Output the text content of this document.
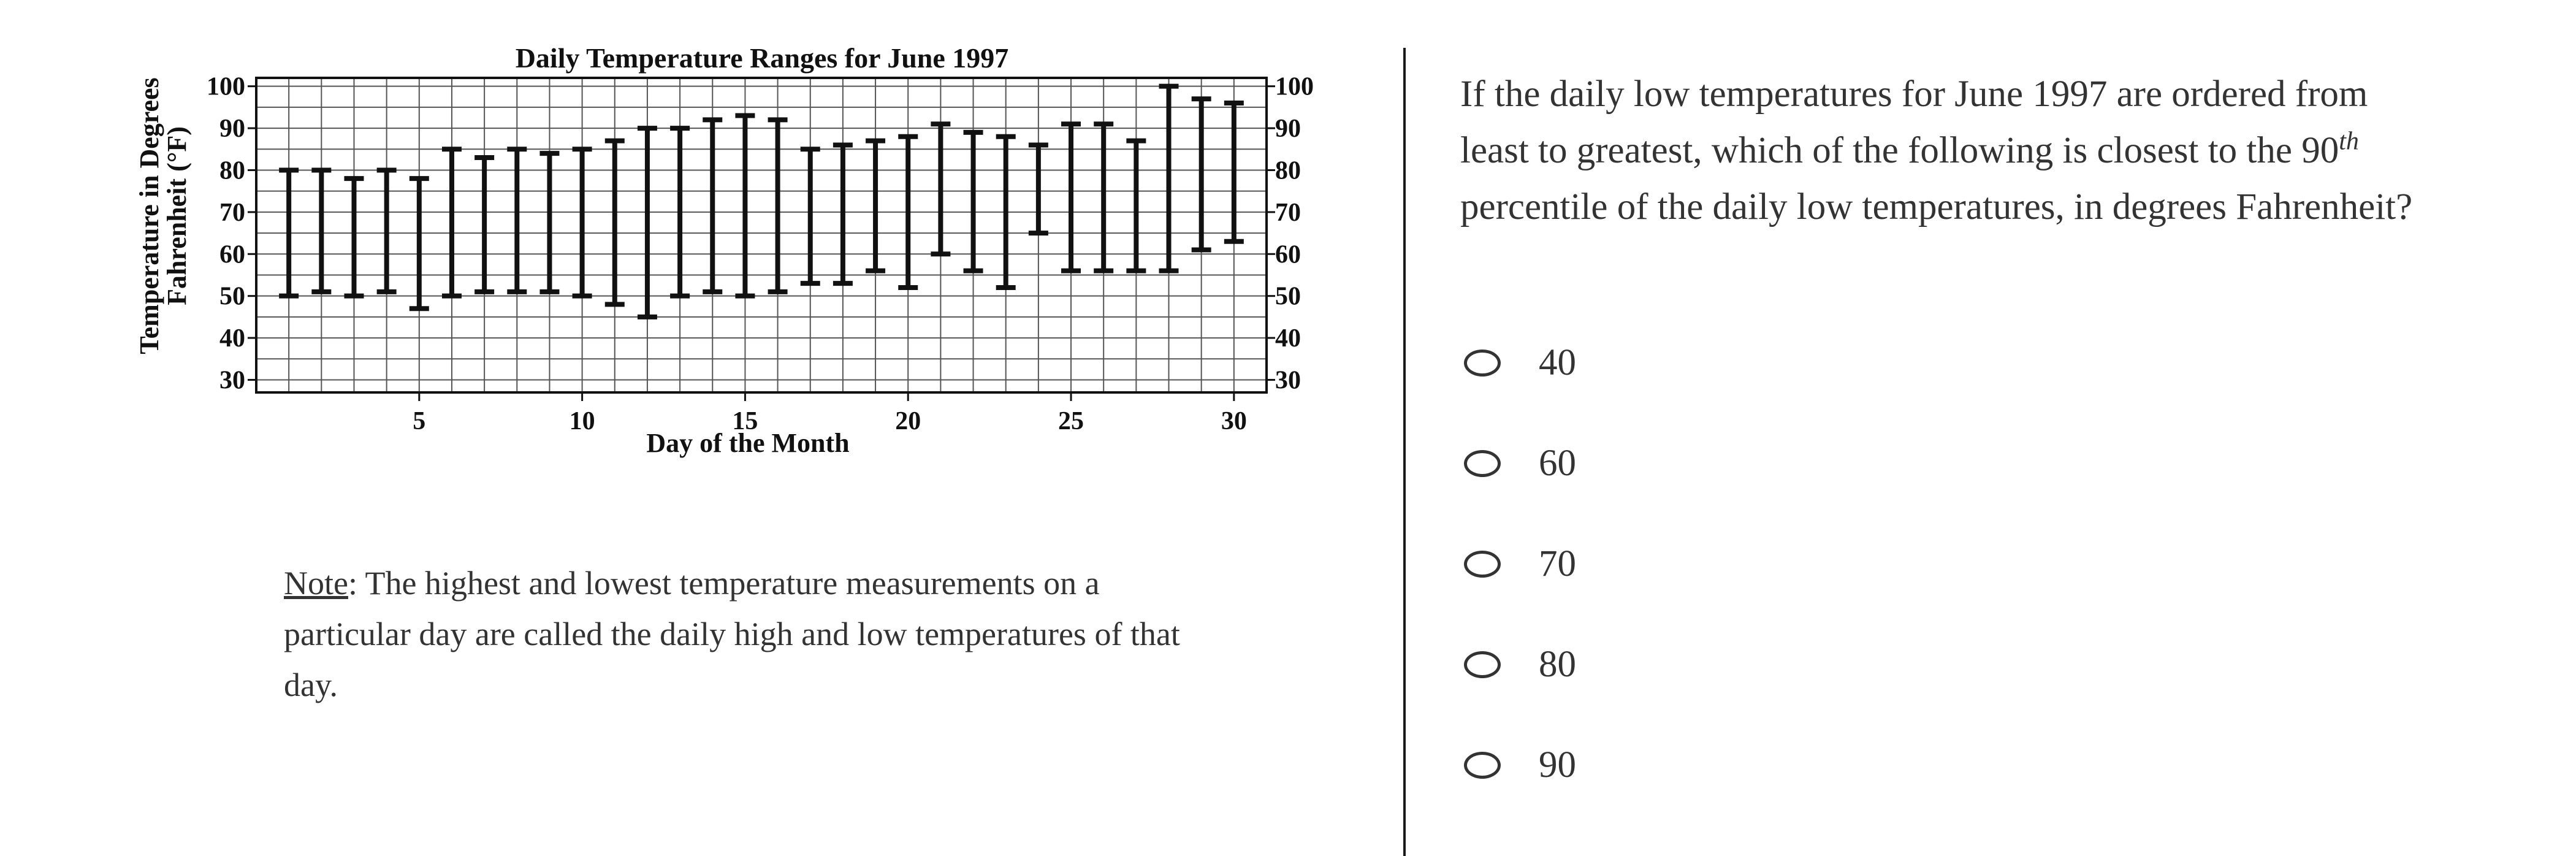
Daily Temperature Ranges for June 1997
30	30
40	40
50	50
60	60
70	70
80	80
90	90
100	100
5	10	15	20	25	30
Day of the Month
Temperature in Degrees
Fahrenheit (°F)
Note: The highest and lowest temperature measurements on a particular day are called the daily high and low temperatures of that day.
If the daily low temperatures for June 1997 are ordered from least to greatest, which of the following is closest to the 90th percentile of the daily low temperatures, in degrees Fahrenheit?
40
60
70
80
90
